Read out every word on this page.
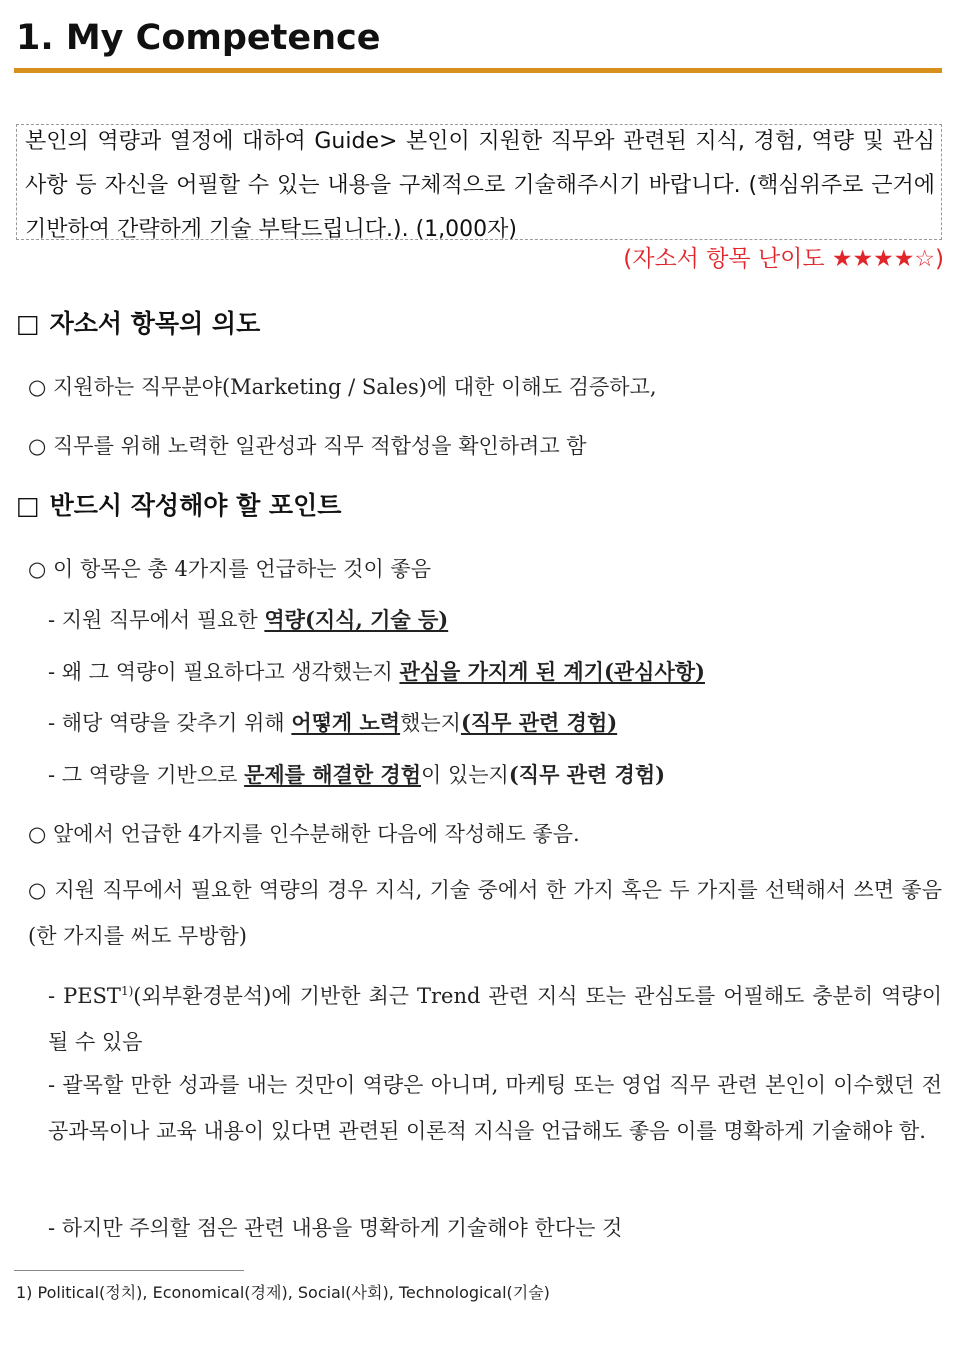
1. My Competence
본인의 역량과 열정에 대하여 Guide> 본인이 지원한 직무와 관련된 지식, 경험, 역량 및 관심사항 등 자신을 어필할 수 있는 내용을 구체적으로 기술해주시기 바랍니다. (핵심위주로 근거에 기반하여 간략하게 기술 부탁드립니다.). (1,000자)
(자소서 항목 난이도 ★★★★☆)
□ 자소서 항목의 의도
○ 지원하는 직무분야(Marketing / Sales)에 대한 이해도 검증하고,
○ 직무를 위해 노력한 일관성과 직무 적합성을 확인하려고 함
□ 반드시 작성해야 할 포인트
○ 이 항목은 총 4가지를 언급하는 것이 좋음
- 지원 직무에서 필요한 역량(지식, 기술 등)
- 왜 그 역량이 필요하다고 생각했는지 관심을 가지게 된 계기(관심사항)
- 해당 역량을 갖추기 위해 어떻게 노력했는지(직무 관련 경험)
- 그 역량을 기반으로 문제를 해결한 경험이 있는지(직무 관련 경험)
○ 앞에서 언급한 4가지를 인수분해한 다음에 작성해도 좋음.
○ 지원 직무에서 필요한 역량의 경우 지식, 기술 중에서 한 가지 혹은 두 가지를 선택해서 쓰면 좋음(한 가지를 써도 무방함)
- PEST$^{1)}$(외부환경분석)에 기반한 최근 Trend 관련 지식 또는 관심도를 어필해도 충분히 역량이 될 수 있음
- 괄목할 만한 성과를 내는 것만이 역량은 아니며, 마케팅 또는 영업 직무 관련 본인이 이수했던 전공과목이나 교육 내용이 있다면 관련된 이론적 지식을 언급해도 좋음 이를 명확하게 기술해야 함.
- 하지만 주의할 점은 관련 내용을 명확하게 기술해야 한다는 것
1) Political(정치), Economical(경제), Social(사회), Technological(기술)
